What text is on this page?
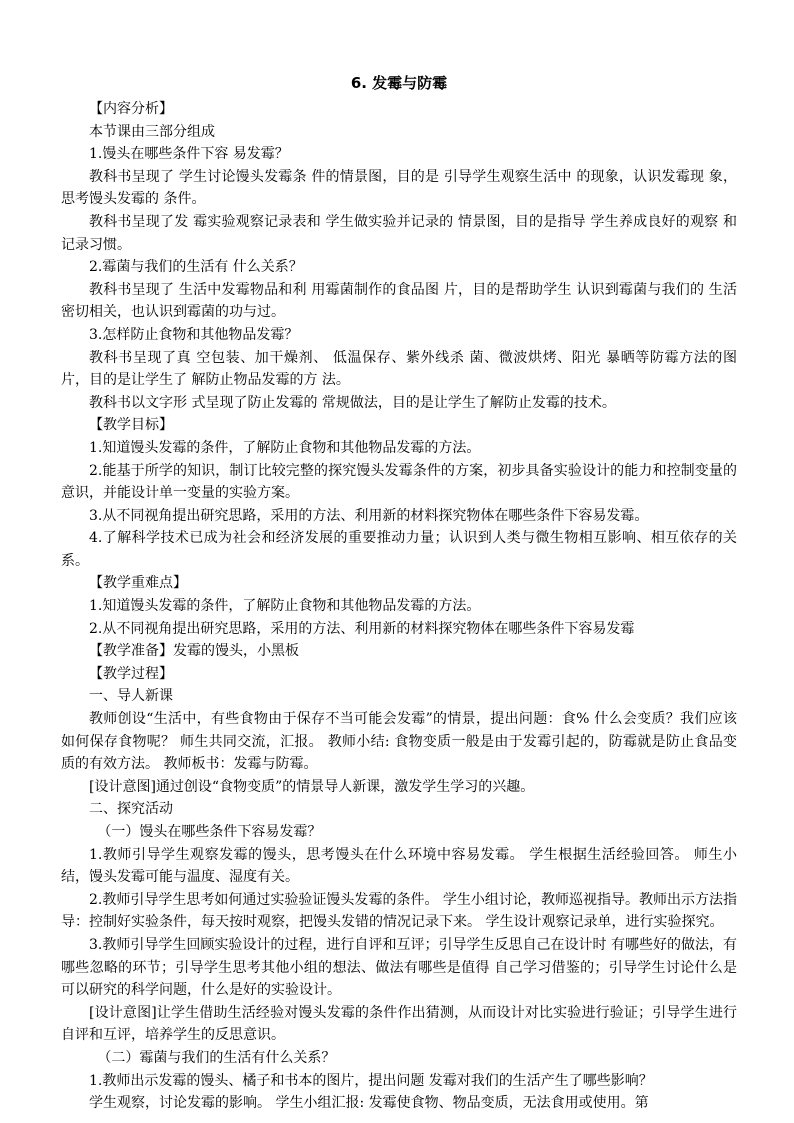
6. 发霉与防霉

【内容分析】

本节课由三部分组成

1.馒头在哪些条件下容 易发霉？

教科书呈现了 学生讨论馒头发霉条 件的情景图，目的是 引导学生观察生活中 的现象，认识发霉现 象，思考馒头发霉的 条件。

教科书呈现了发 霉实验观察记录表和 学生做实验并记录的 情景图，目的是指导 学生养成良好的观察 和记录习惯。

2.霉菌与我们的生活有 什么关系？

教科书呈现了 生活中发霉物品和利 用霉菌制作的食品图 片，目的是帮助学生 认识到霉菌与我们的 生活密切相关，也认识到霉菌的功与过。

3.怎样防止食物和其他物品发霉？

教科书呈现了真 空包装、加干燥剂、 低温保存、紫外线杀 菌、微波烘烤、阳光 暴晒等防霉方法的图 片，目的是让学生了 解防止物品发霉的方 法。

教科书以文字形 式呈现了防止发霉的 常规做法，目的是让学生了解防止发霉的技术。

【教学目标】

1.知道馒头发霉的条件，了解防止食物和其他物品发霉的方法。

2.能基于所学的知识，制订比较完整的探究馒头发霉条件的方案，初步具备实验设计的能力和控制变量的意识，并能设计单一变量的实验方案。

3.从不同视角提出研究思路，采用的方法、利用新的材料探究物体在哪些条件下容易发霉。

4.了解科学技术已成为社会和经济发展的重要推动力量；认识到人类与微生物相互影响、相互依存的关系。

【教学重难点】

1.知道馒头发霉的条件，了解防止食物和其他物品发霉的方法。

2.从不同视角提出研究思路，采用的方法、利用新的材料探究物体在哪些条件下容易发霉

【教学准备】发霉的馒头，小黑板

【教学过程】

一、导人新课

教师创设“生活中，有些食物由于保存不当可能会发霉”的情景，提出问题：食% 什么会变质？我们应该如何保存食物呢？ 师生共同交流，汇报。 教师小结: 食物变质一般是由于发霉引起的，防霉就是防止食品变质的有效方法。 教师板书：发霉与防霉。

[设计意图]通过创设“食物变质”的情景导人新课，激发学生学习的兴趣。

二、探究活动

（一）馒头在哪些条件下容易发霉？

1.教师引导学生观察发霉的馒头，思考馒头在什么环境中容易发霉。 学生根据生活经验回答。 师生小结，馒头发霉可能与温度、湿度有关。

2.教师引导学生思考如何通过实验验证馒头发霉的条件。 学生小组讨论，教师巡视指导。教师出示方法指导：控制好实验条件，每天按时观察，把馒头发错的情况记录下来。 学生设计观察记录单，进行实验探究。

3.教师引导学生回顾实验设计的过程，进行自评和互评；引导学生反思自己在设计时 有哪些好的做法，有哪些忽略的环节；引导学生思考其他小组的想法、做法有哪些是值得 自己学习借鉴的；引导学生讨论什么是可以研究的科学问题，什么是好的实验设计。

[设计意图]让学生借助生活经验对馒头发霉的条件作出猜测，从而设计对比实验进行验证；引导学生进行自评和互评，培养学生的反思意识。

（二）霉菌与我们的生活有什么关系？

1.教师出示发霉的馒头、橘子和书本的图片，提出问题 发霉对我们的生活产生了哪些影响？

学生观察，讨论发霉的影响。 学生小组汇报: 发霉使食物、物品变质，无法食用或使用。第
